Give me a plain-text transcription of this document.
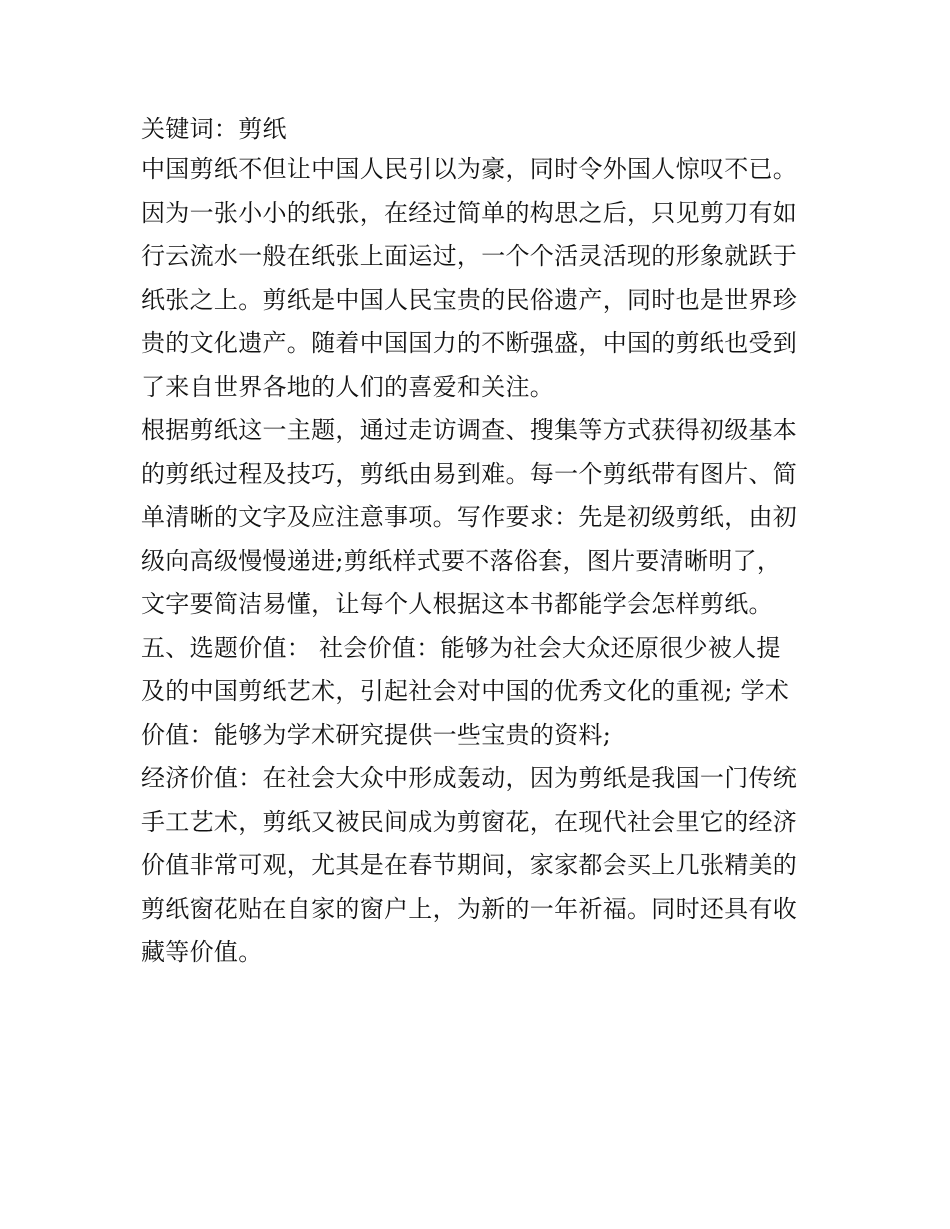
关键词：剪纸
中国剪纸不但让中国人民引以为豪，同时令外国人惊叹不已。
因为一张小小的纸张，在经过简单的构思之后，只见剪刀有如
行云流水一般在纸张上面运过，一个个活灵活现的形象就跃于
纸张之上。剪纸是中国人民宝贵的民俗遗产，同时也是世界珍
贵的文化遗产。随着中国国力的不断强盛，中国的剪纸也受到
了来自世界各地的人们的喜爱和关注。
根据剪纸这一主题，通过走访调查、搜集等方式获得初级基本
的剪纸过程及技巧，剪纸由易到难。每一个剪纸带有图片、简
单清晰的文字及应注意事项。写作要求：先是初级剪纸，由初
级向高级慢慢递进;剪纸样式要不落俗套，图片要清晰明了，
文字要简洁易懂，让每个人根据这本书都能学会怎样剪纸。
五、选题价值： 社会价值：能够为社会大众还原很少被人提
及的中国剪纸艺术，引起社会对中国的优秀文化的重视; 学术
价值：能够为学术研究提供一些宝贵的资料;
经济价值：在社会大众中形成轰动，因为剪纸是我国一门传统
手工艺术，剪纸又被民间成为剪窗花，在现代社会里它的经济
价值非常可观，尤其是在春节期间，家家都会买上几张精美的
剪纸窗花贴在自家的窗户上，为新的一年祈福。同时还具有收
藏等价值。
